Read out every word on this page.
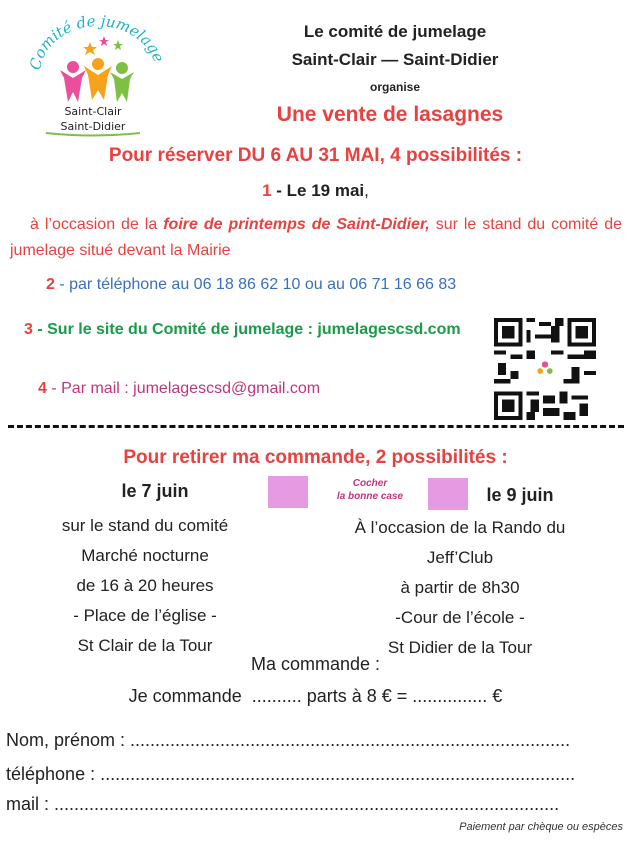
Comité de jumelage
Saint-Clair
Saint-Didier
Le comité de jumelage
Saint-Clair — Saint-Didier
organise
Une vente de lasagnes
Pour réserver DU 6 AU 31 MAI, 4 possibilités :
1 - Le 19 mai,
à l’occasion de la foire de printemps de Saint-Didier, sur le stand du comité de jumelage situé devant la Mairie
2 - par téléphone au 06 18 86 62 10 ou au 06 71 16 66 83
3 - Sur le site du Comité de jumelage : jumelagescsd.com
4 - Par mail : jumelagescsd@gmail.com
Pour retirer ma commande, 2 possibilités :
Cocher
la bonne case
le 7 juin
sur le stand du comité
Marché nocturne
de 16 à 20 heures
- Place de l’église -
St Clair de la Tour
le 9 juin
À l’occasion de la Rando du
Jeff’Club
à partir de 8h30
-Cour de l’école -
St Didier de la Tour
Ma commande :
Je commande  .......... parts à 8 € = ............... €
Nom, prénom : ........................................................................................
téléphone : ...............................................................................................
mail : .....................................................................................................
Paiement par chèque ou espèces
